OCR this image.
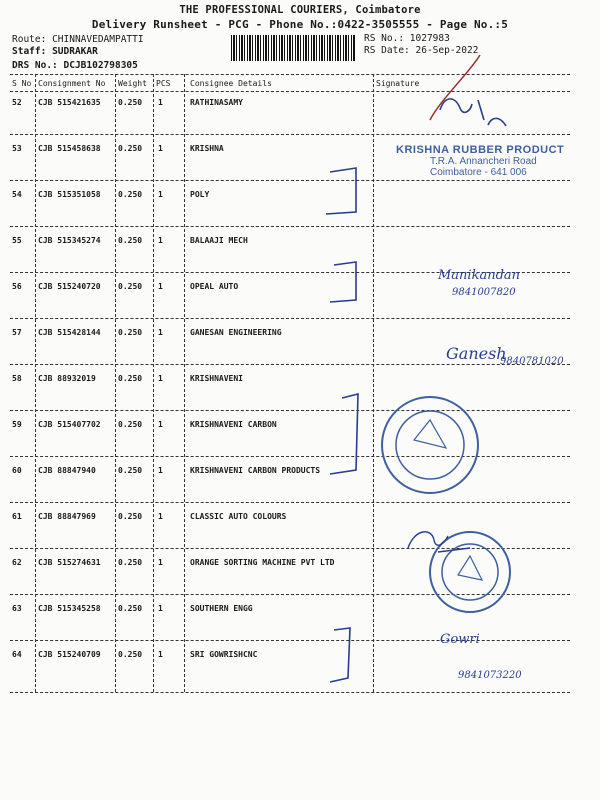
THE PROFESSIONAL COURIERS, Coimbatore
Delivery Runsheet - PCG - Phone No.:0422-3505555 - Page No.:5
Route: CHINNAVEDAMPATTI
Staff: SUDRAKAR
DRS No.: DCJB102798305
RS No.: 1027983
RS Date: 26-Sep-2022
S No Consignment No Weight PCS Consignee Details	Signature
52 CJB 515421635 0.250 1	RATHINASAMY
53 CJB 515458638 0.250 1	KRISHNA
54 CJB 515351058 0.250 1	POLY
55 CJB 515345274 0.250 1	BALAAJI MECH
56 CJB 515240720 0.250 1	OPEAL AUTO
57 CJB 515428144 0.250 1	GANESAN ENGINEERING
58 CJB 88932019	0.250 1	KRISHNAVENI
59 CJB 515407702 0.250 1	KRISHNAVENI CARBON
60 CJB 88847940	0.250 1	KRISHNAVENI CARBON PRODUCTS
61 CJB 88847969	0.250 1	CLASSIC AUTO COLOURS
62 CJB 515274631 0.250 1	ORANGE SORTING MACHINE PVT LTD
63 CJB 515345258 0.250 1	SOUTHERN ENGG
64 CJB 515240709 0.250 1	SRI GOWRISHCNC
KRISHNA RUBBER PRODUCT
T.R.A. Annancheri Road
Coimbatore - 641 006
Manikandan
9841007820
Ganesh
9840781020
Gowri
9841073220
